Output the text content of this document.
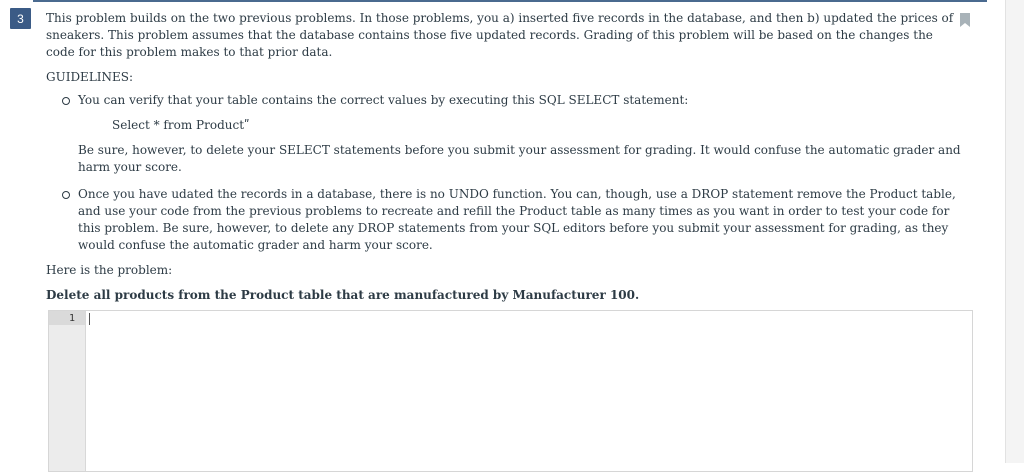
3	This problem builds on the two previous problems. In those problems, you a) inserted five records in the database, and then b) updated the prices of sneakers. This problem assumes that the database contains those five updated records. Grading of this problem will be based on the changes the code for this problem makes to that prior data.

GUIDELINES:

You can verify that your table contains the correct values by executing this SQL SELECT statement:

Select * from Productʺ

Be sure, however, to delete your SELECT statements before you submit your assessment for grading. It would confuse the automatic grader and harm your score.

Once you have udated the records in a database, there is no UNDO function. You can, though, use a DROP statement remove the Product table, and use your code from the previous problems to recreate and refill the Product table as many times as you want in order to test your code for this problem. Be sure, however, to delete any DROP statements from your SQL editors before you submit your assessment for grading, as they would confuse the automatic grader and harm your score.

Here is the problem:

Delete all products from the Product table that are manufactured by Manufacturer 100.

1
